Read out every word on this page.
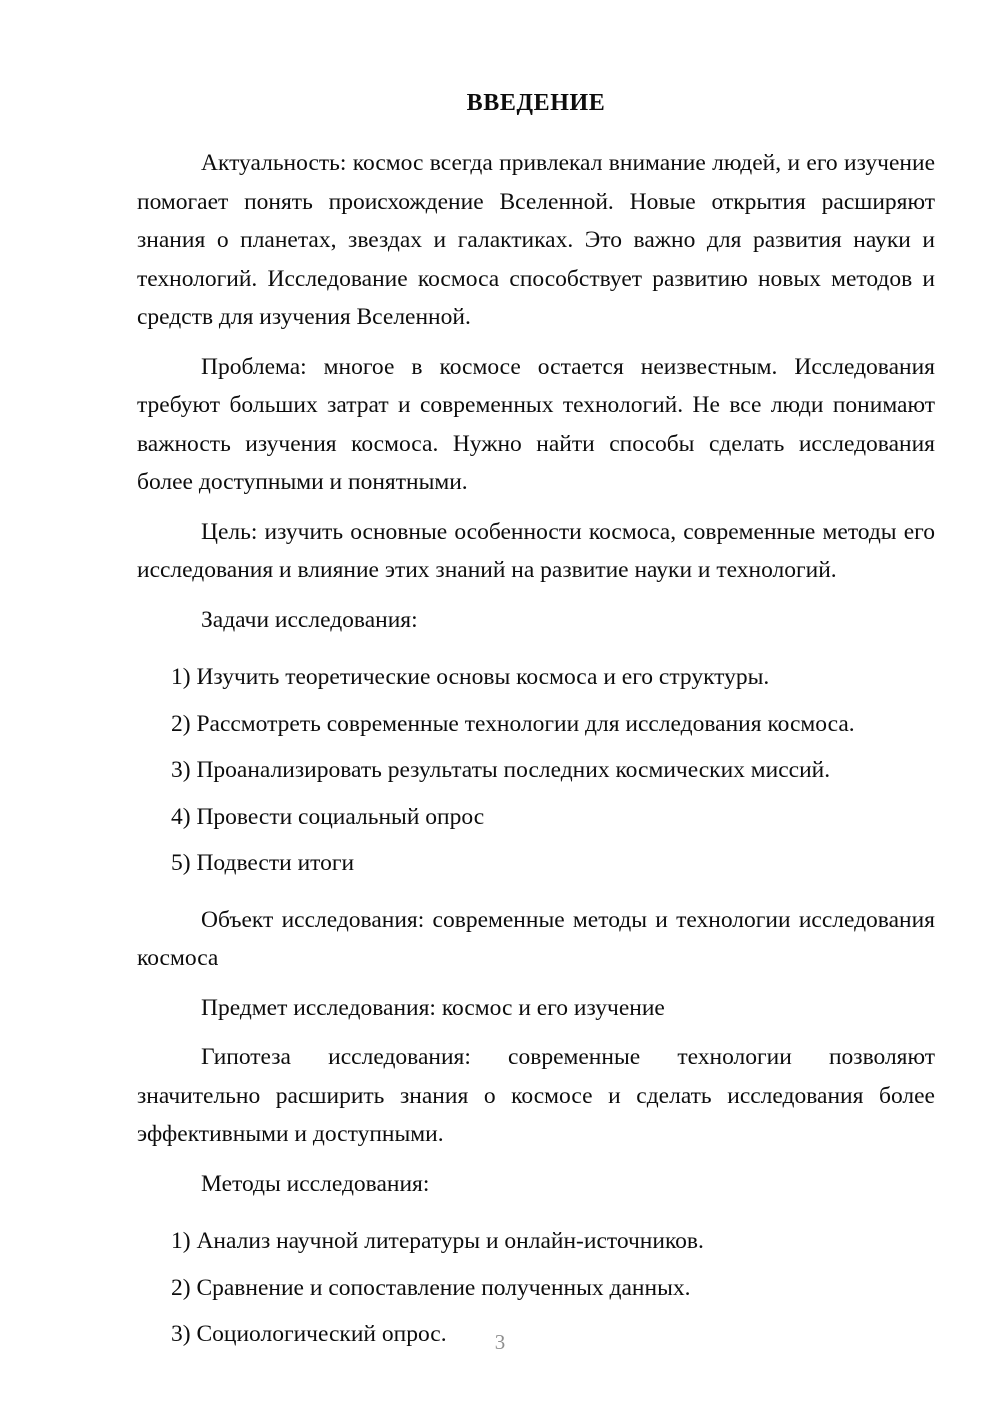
ВВЕДЕНИЕ

Актуальность: космос всегда привлекал внимание людей, и его изучение помогает понять происхождение Вселенной. Новые открытия расширяют знания о планетах, звездах и галактиках. Это важно для развития науки и технологий. Исследование космоса способствует развитию новых методов и средств для изучения Вселенной.

Проблема: многое в космосе остается неизвестным. Исследования требуют больших затрат и современных технологий. Не все люди понимают важность изучения космоса. Нужно найти способы сделать исследования более доступными и понятными.

Цель: изучить основные особенности космоса, современные методы его исследования и влияние этих знаний на развитие науки и технологий.

Задачи исследования:

1) Изучить теоретические основы космоса и его структуры.
2) Рассмотреть современные технологии для исследования космоса.
3) Проанализировать результаты последних космических миссий.
4) Провести социальный опрос
5) Подвести итоги

Объект исследования: современные методы и технологии исследования космоса

Предмет исследования: космос и его изучение

Гипотеза исследования: современные технологии позволяют значительно расширить знания о космосе и сделать исследования более эффективными и доступными.

Методы исследования:

1) Анализ научной литературы и онлайн-источников.
2) Сравнение и сопоставление полученных данных.
3) Социологический опрос.	3
